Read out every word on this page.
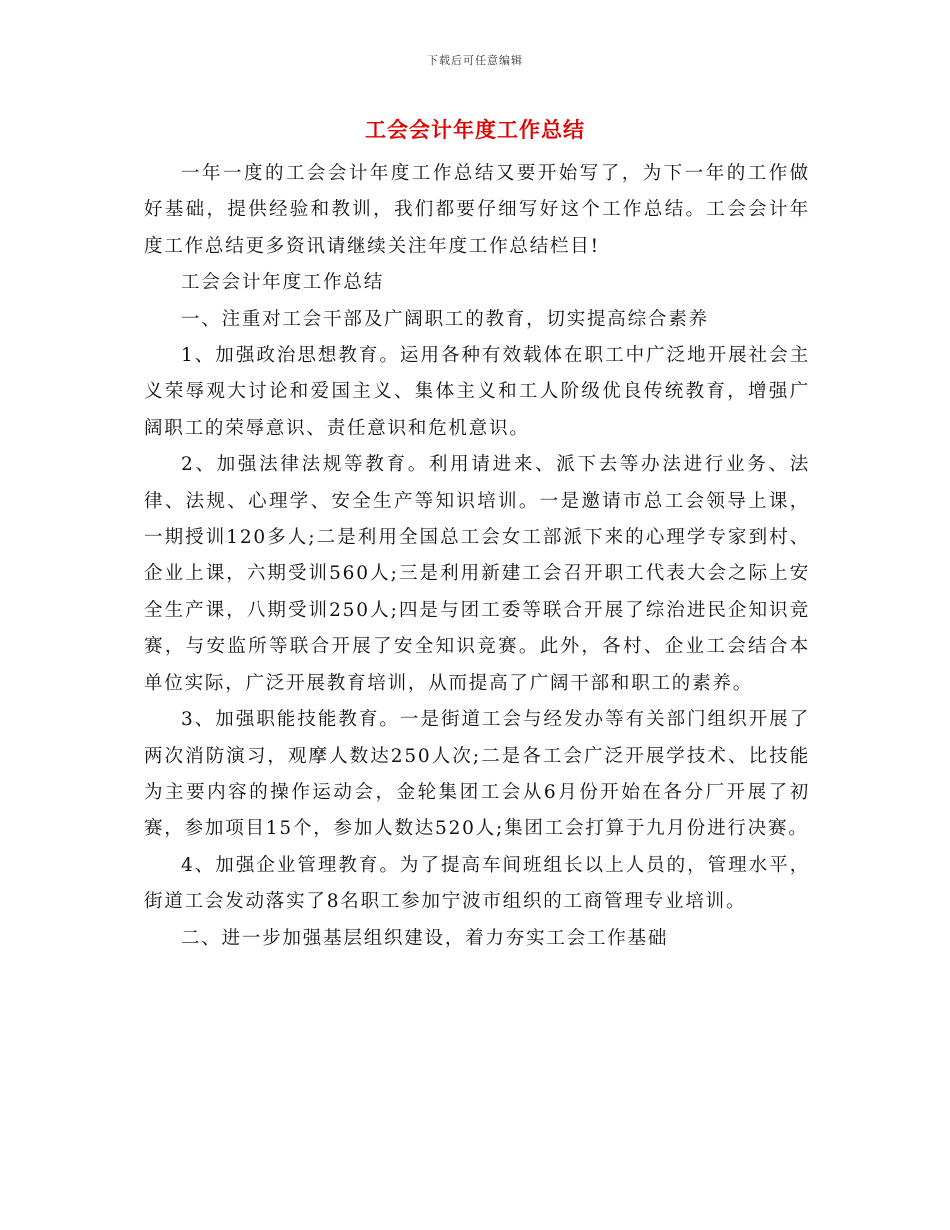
下载后可任意编辑
工会会计年度工作总结

一年一度的工会会计年度工作总结又要开始写了，为下一年的工作做好基础，提供经验和教训，我们都要仔细写好这个工作总结。工会会计年度工作总结更多资讯请继续关注年度工作总结栏目!

工会会计年度工作总结

一、注重对工会干部及广阔职工的教育，切实提高综合素养

1、加强政治思想教育。运用各种有效载体在职工中广泛地开展社会主义荣辱观大讨论和爱国主义、集体主义和工人阶级优良传统教育，增强广阔职工的荣辱意识、责任意识和危机意识。

2、加强法律法规等教育。利用请进来、派下去等办法进行业务、法律、法规、心理学、安全生产等知识培训。一是邀请市总工会领导上课，一期授训120多人;二是利用全国总工会女工部派下来的心理学专家到村、企业上课，六期受训560人;三是利用新建工会召开职工代表大会之际上安全生产课，八期受训250人;四是与团工委等联合开展了综治进民企知识竞赛，与安监所等联合开展了安全知识竞赛。此外，各村、企业工会结合本单位实际，广泛开展教育培训，从而提高了广阔干部和职工的素养。

3、加强职能技能教育。一是街道工会与经发办等有关部门组织开展了两次消防演习，观摩人数达250人次;二是各工会广泛开展学技术、比技能为主要内容的操作运动会，金轮集团工会从6月份开始在各分厂开展了初赛，参加项目15个，参加人数达520人;集团工会打算于九月份进行决赛。

4、加强企业管理教育。为了提高车间班组长以上人员的，管理水平，街道工会发动落实了8名职工参加宁波市组织的工商管理专业培训。

二、进一步加强基层组织建设，着力夯实工会工作基础
